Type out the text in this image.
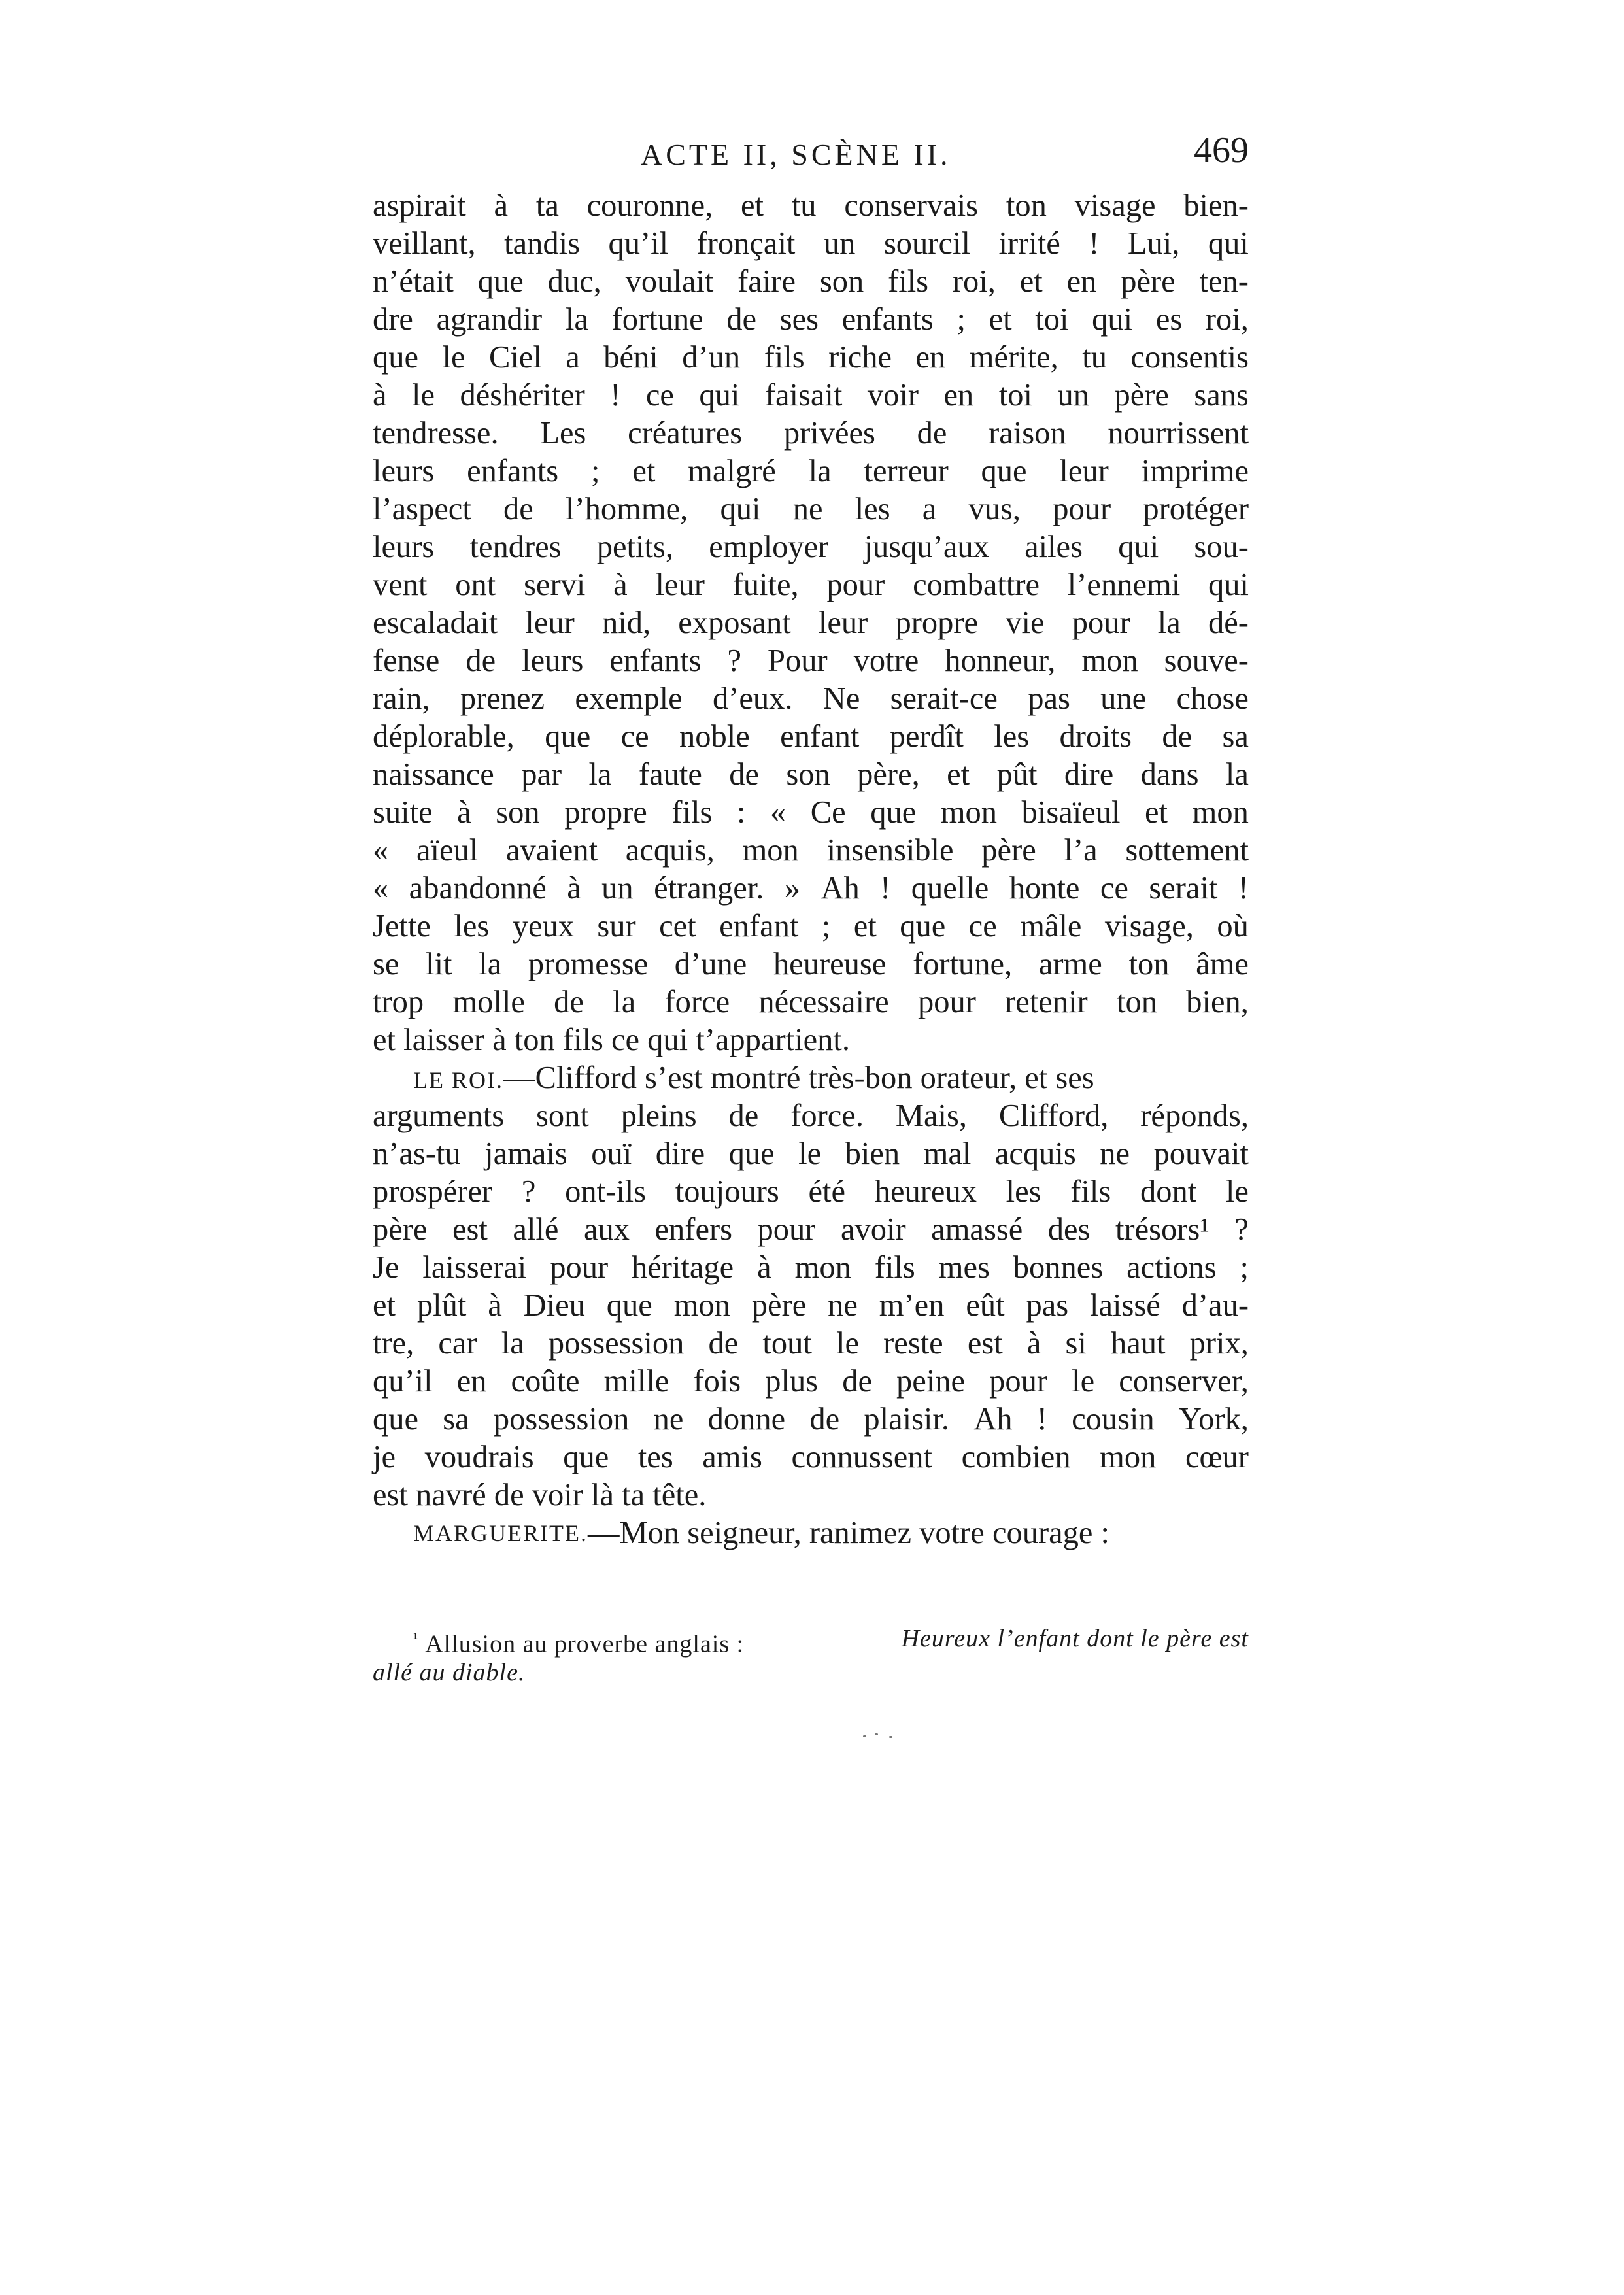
ACTE II, SCÈNE II.	469
aspirait à ta couronne, et tu conservais ton visage bien-
veillant, tandis qu’il fronçait un sourcil irrité ! Lui, qui
n’était que duc, voulait faire son fils roi, et en père ten-
dre agrandir la fortune de ses enfants ; et toi qui es roi,
que le Ciel a béni d’un fils riche en mérite, tu consentis
à le déshériter ! ce qui faisait voir en toi un père sans
tendresse. Les créatures privées de raison nourrissent
leurs enfants ; et malgré la terreur que leur imprime
l’aspect de l’homme, qui ne les a vus, pour protéger
leurs tendres petits, employer jusqu’aux ailes qui sou-
vent ont servi à leur fuite, pour combattre l’ennemi qui
escaladait leur nid, exposant leur propre vie pour la dé-
fense de leurs enfants ? Pour votre honneur, mon souve-
rain, prenez exemple d’eux. Ne serait-ce pas une chose
déplorable, que ce noble enfant perdît les droits de sa
naissance par la faute de son père, et pût dire dans la
suite à son propre fils : « Ce que mon bisaïeul et mon
« aïeul avaient acquis, mon insensible père l’a sottement
« abandonné à un étranger. » Ah ! quelle honte ce serait !
Jette les yeux sur cet enfant ; et que ce mâle visage, où
se lit la promesse d’une heureuse fortune, arme ton âme
trop molle de la force nécessaire pour retenir ton bien,
et laisser à ton fils ce qui t’appartient.
LE ROI.—Clifford s’est montré très-bon orateur, et ses
arguments sont pleins de force. Mais, Clifford, réponds,
n’as-tu jamais ouï dire que le bien mal acquis ne pouvait
prospérer ? ont-ils toujours été heureux les fils dont le
père est allé aux enfers pour avoir amassé des trésors¹ ?
Je laisserai pour héritage à mon fils mes bonnes actions ;
et plût à Dieu que mon père ne m’en eût pas laissé d’au-
tre, car la possession de tout le reste est à si haut prix,
qu’il en coûte mille fois plus de peine pour le conserver,
que sa possession ne donne de plaisir. Ah ! cousin York,
je voudrais que tes amis connussent combien mon cœur
est navré de voir là ta tête.
MARGUERITE. —Mon seigneur, ranimez votre courage :
$^{^1}$ Allusion au proverbe anglais :	Heureux l’enfant dont le père est
allé au diable.
